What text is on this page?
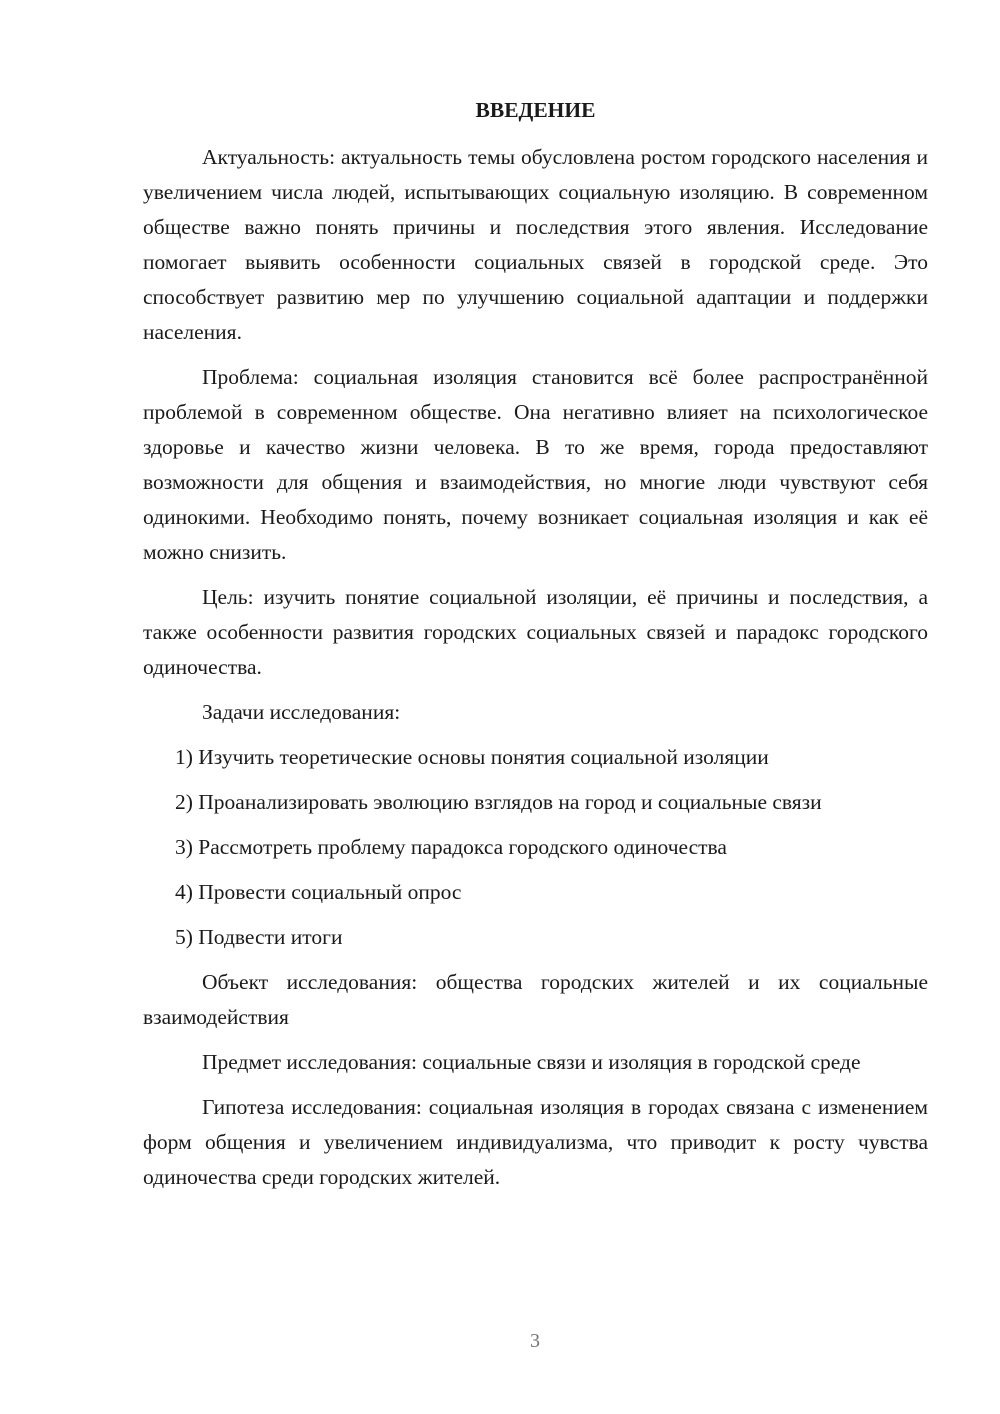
ВВЕДЕНИЕ

Актуальность: актуальность темы обусловлена ростом городского населения и увеличением числа людей, испытывающих социальную изоляцию. В современном обществе важно понять причины и последствия этого явления. Исследование помогает выявить особенности социальных связей в городской среде. Это способствует развитию мер по улучшению социальной адаптации и поддержки населения.

Проблема: социальная изоляция становится всё более распространённой проблемой в современном обществе. Она негативно влияет на психологическое здоровье и качество жизни человека. В то же время, города предоставляют возможности для общения и взаимодействия, но многие люди чувствуют себя одинокими. Необходимо понять, почему возникает социальная изоляция и как её можно снизить.

Цель: изучить понятие социальной изоляции, её причины и последствия, а также особенности развития городских социальных связей и парадокс городского одиночества.

Задачи исследования:

1) Изучить теоретические основы понятия социальной изоляции

2) Проанализировать эволюцию взглядов на город и социальные связи

3) Рассмотреть проблему парадокса городского одиночества

4) Провести социальный опрос

5) Подвести итоги

Объект исследования: общества городских жителей и их социальные взаимодействия

Предмет исследования: социальные связи и изоляция в городской среде

Гипотеза исследования: социальная изоляция в городах связана с изменением форм общения и увеличением индивидуализма, что приводит к росту чувства одиночества среди городских жителей.

3
